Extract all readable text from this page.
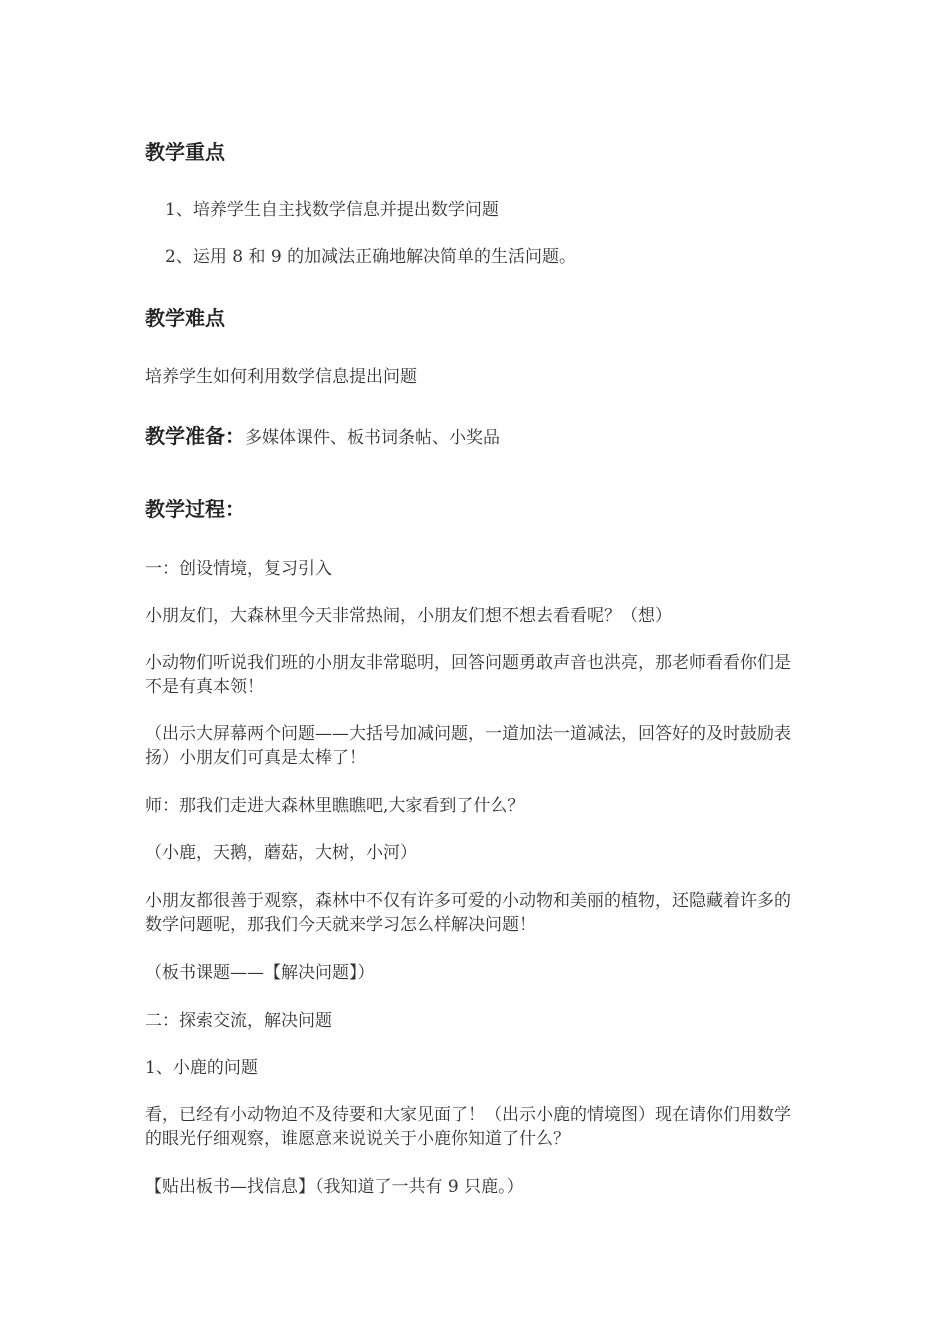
教学重点
1、培养学生自主找数学信息并提出数学问题
2、运用 8 和 9 的加减法正确地解决简单的生活问题。
教学难点
培养学生如何利用数学信息提出问题
教学准备：多媒体课件、板书词条帖、小奖品
教学过程：
一：创设情境，复习引入
小朋友们，大森林里今天非常热闹，小朋友们想不想去看看呢？（想）
小动物们听说我们班的小朋友非常聪明，回答问题勇敢声音也洪亮，那老师看看你们是不是有真本领！
（出示大屏幕两个问题——大括号加减问题，一道加法一道减法，回答好的及时鼓励表扬）小朋友们可真是太棒了！
师：那我们走进大森林里瞧瞧吧,大家看到了什么？
（小鹿，天鹅，蘑菇，大树，小河）
小朋友都很善于观察，森林中不仅有许多可爱的小动物和美丽的植物，还隐藏着许多的数学问题呢，那我们今天就来学习怎么样解决问题！
（板书课题——【解决问题】）
二：探索交流，解决问题
1、小鹿的问题
看，已经有小动物迫不及待要和大家见面了！（出示小鹿的情境图）现在请你们用数学的眼光仔细观察，谁愿意来说说关于小鹿你知道了什么？
【贴出板书—找信息】（我知道了一共有 9 只鹿。）
